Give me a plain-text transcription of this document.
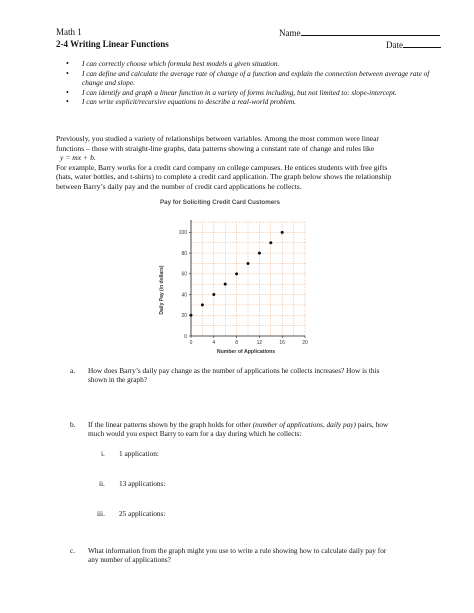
Math 1	Name
2-4 Writing Linear Functions	Date
• I can correctly choose which formula best models a given situation.
• I can define and calculate the average rate of change of a function and explain the connection between average rate of change and slope.
• I can identify and graph a linear function in a variety of forms including, but not limited to: slope-intercept.
• I can write explicit/recursive equations to describe a real-world problem.
Previously, you studied a variety of relationships between variables. Among the most common were linear
functions – those with straight-line graphs, data patterns showing a constant rate of change and rules like
y = mx + b.
For example, Barry works for a credit card company on college campuses. He entices students with free gifts
(hats, water bottles, and t-shirts) to complete a credit card application. The graph below shows the relationship
between Barry’s daily pay and the number of credit card applications he collects.
Pay for Soliciting Credit Card Customers
0	4	8	12	16	20
0
20
40
60
80
100
Number of Applications
Daily Pay (in dollars)
a. How does Barry’s daily pay change as the number of applications he collects increases? How is this
shown in the graph?
b. If the linear patterns shown by the graph holds for other (number of applications, daily pay) pairs, how
much would you expect Barry to earn for a day during which he collects:
i. 1 application:
ii. 13 applications:
iii. 25 applications:
c. What information from the graph might you use to write a rule showing how to calculate daily pay for
any number of applications?
